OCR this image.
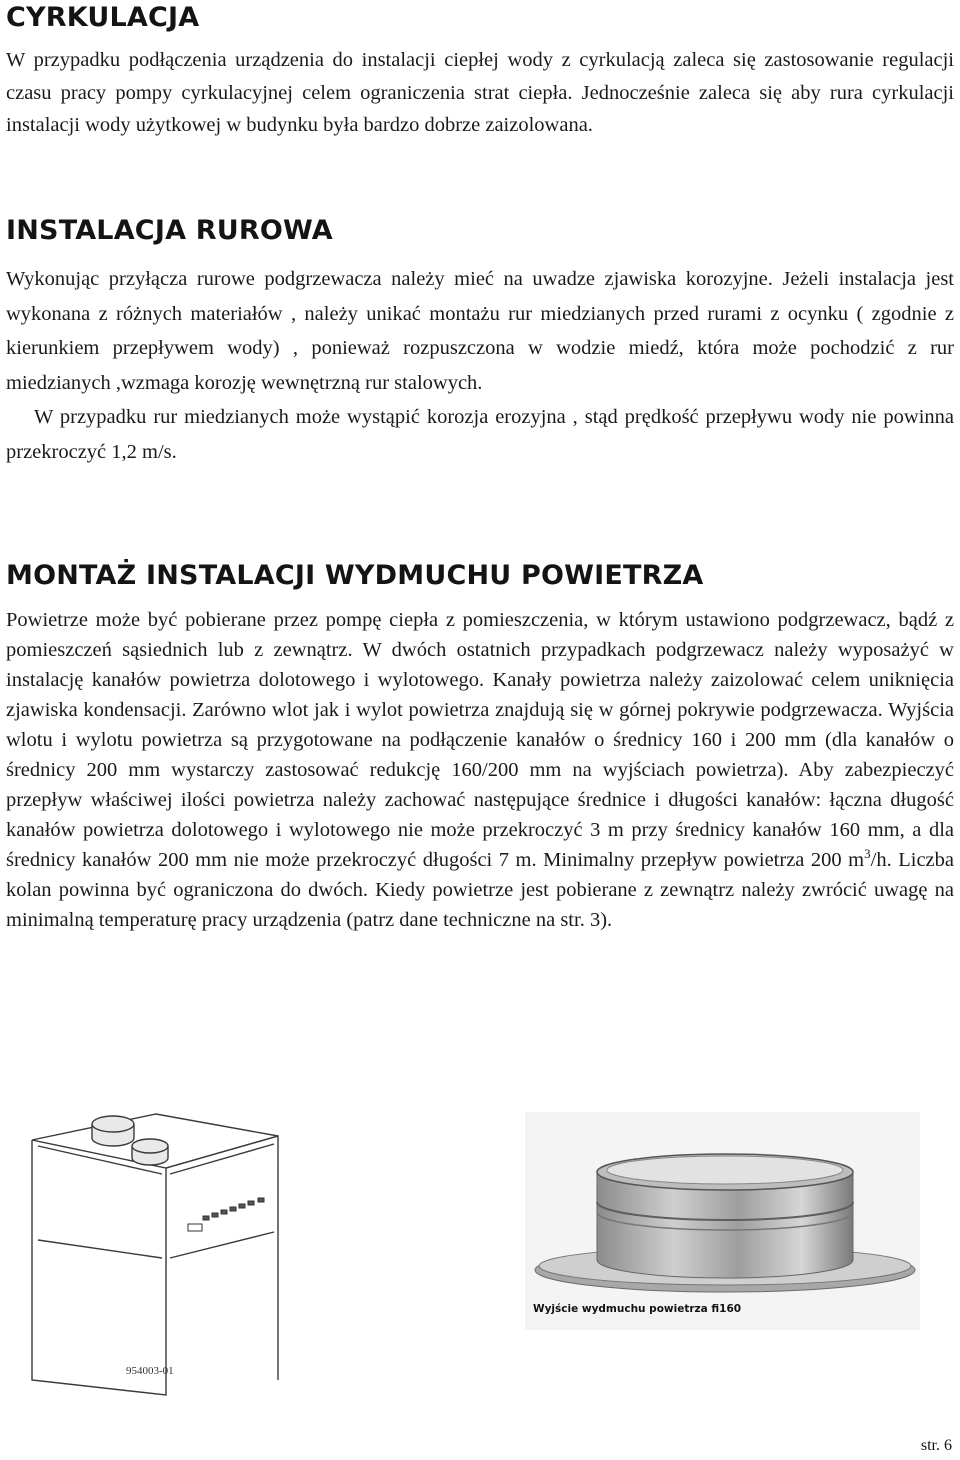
CYRKULACJA

W przypadku podłączenia urządzenia do instalacji ciepłej wody z cyrkulacją zaleca się zastosowanie regulacji czasu pracy pompy cyrkulacyjnej celem ograniczenia strat ciepła. Jednocześnie zaleca się aby rura cyrkulacji instalacji wody użytkowej w budynku była bardzo dobrze zaizolowana.

INSTALACJA RUROWA

Wykonując przyłącza rurowe podgrzewacza należy mieć na uwadze zjawiska korozyjne. Jeżeli instalacja jest wykonana z różnych materiałów , należy unikać montażu rur miedzianych przed rurami z ocynku ( zgodnie z kierunkiem przepływem wody) , ponieważ rozpuszczona w wodzie miedź, która może pochodzić z rur miedzianych ,wzmaga korozję wewnętrzną rur stalowych.

W przypadku rur miedzianych może wystąpić korozja erozyjna , stąd prędkość przepływu wody nie powinna przekroczyć 1,2 m/s.

MONTAŻ INSTALACJI WYDMUCHU POWIETRZA

Powietrze może być pobierane przez pompę ciepła z pomieszczenia, w którym ustawiono podgrzewacz, bądź z pomieszczeń sąsiednich lub z zewnątrz. W dwóch ostatnich przypadkach podgrzewacz należy wyposażyć w instalację kanałów powietrza dolotowego i wylotowego. Kanały powietrza należy zaizolować celem uniknięcia zjawiska kondensacji. Zarówno wlot jak i wylot powietrza znajdują się w górnej pokrywie podgrzewacza. Wyjścia wlotu i wylotu powietrza są przygotowane na podłączenie kanałów o średnicy 160 i 200 mm (dla kanałów o średnicy 200 mm wystarczy zastosować redukcję 160/200 mm na wyjściach powietrza). Aby zabezpieczyć przepływ właściwej ilości powietrza należy zachować następujące średnice i długości kanałów: łączna długość kanałów powietrza dolotowego i wylotowego nie może przekroczyć 3 m przy średnicy kanałów 160 mm, a dla średnicy kanałów 200 mm nie może przekroczyć długości 7 m. Minimalny przepływ powietrza 200 $m^3/h$. Liczba kolan powinna być ograniczona do dwóch. Kiedy powietrze jest pobierane z zewnątrz należy zwrócić uwagę na minimalną temperaturę pracy urządzenia (patrz dane techniczne na str. 3).

954003-01
Wyjście wydmuchu powietrza fi160
str. 6
